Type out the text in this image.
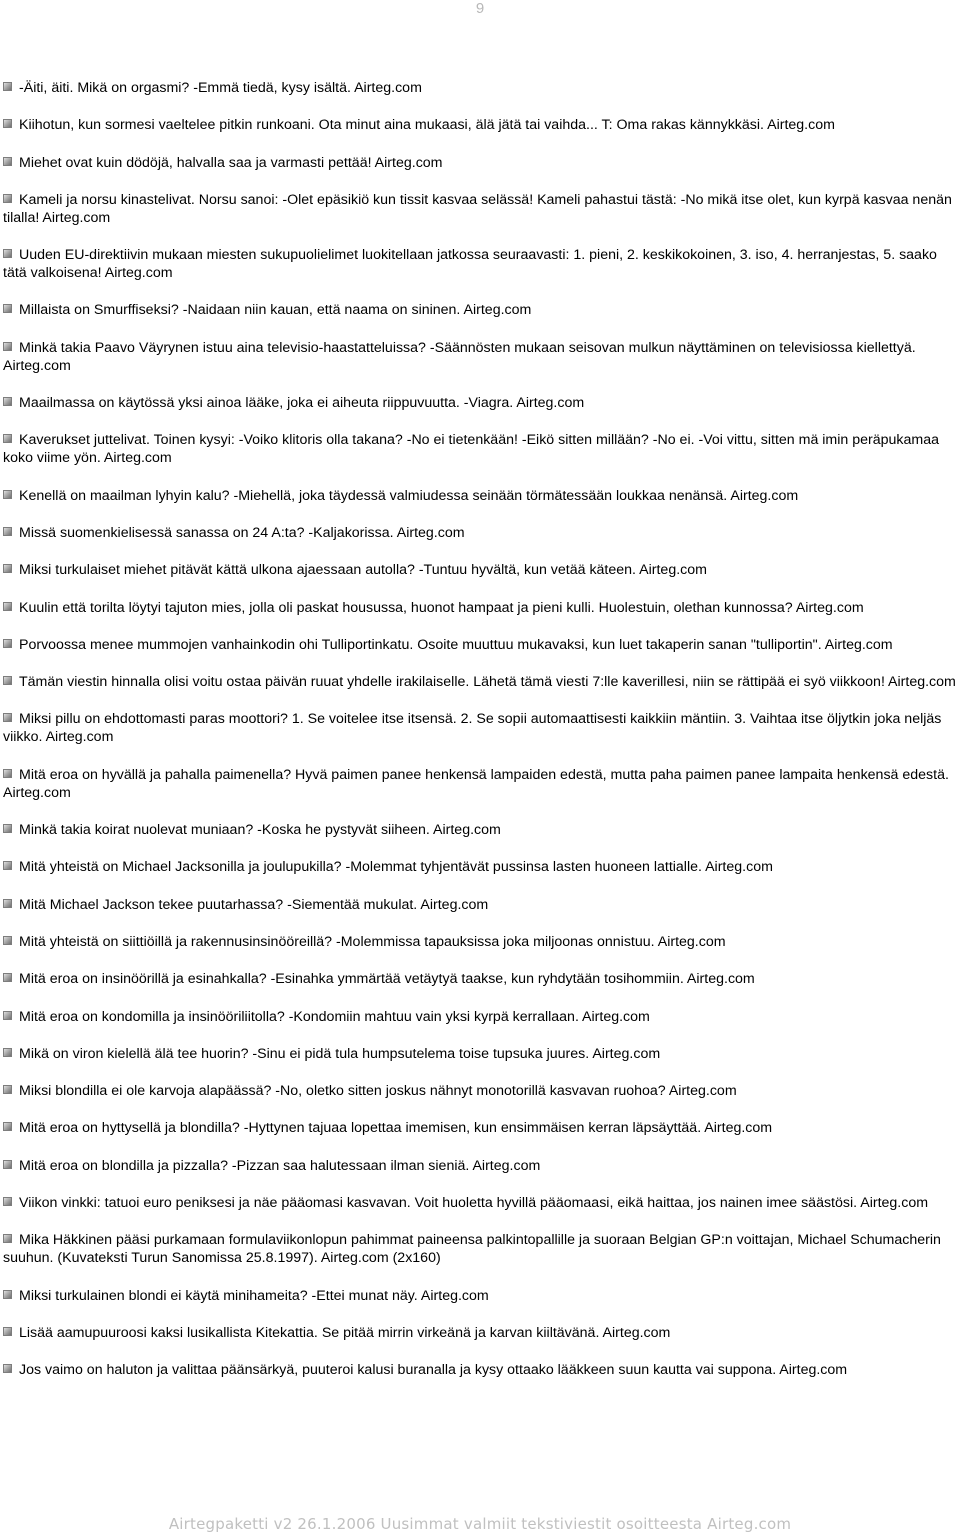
9

-Äiti, äiti. Mikä on orgasmi? -Emmä tiedä, kysy isältä. Airteg.com

Kiihotun, kun sormesi vaeltelee pitkin runkoani. Ota minut aina mukaasi, älä jätä tai vaihda... T: Oma rakas kännykkäsi. Airteg.com

Miehet ovat kuin dödöjä, halvalla saa ja varmasti pettää! Airteg.com

Kameli ja norsu kinastelivat. Norsu sanoi: -Olet epäsikiö kun tissit kasvaa selässä! Kameli pahastui tästä: -No mikä itse olet, kun kyrpä kasvaa nenän tilalla! Airteg.com

Uuden EU-direktiivin mukaan miesten sukupuolielimet luokitellaan jatkossa seuraavasti: 1. pieni, 2. keskikokoinen, 3. iso, 4. herranjestas, 5. saako tätä valkoisena! Airteg.com

Millaista on Smurffiseksi? -Naidaan niin kauan, että naama on sininen. Airteg.com

Minkä takia Paavo Väyrynen istuu aina televisio-haastatteluissa? -Säännösten mukaan seisovan mulkun näyttäminen on televisiossa kiellettyä. Airteg.com

Maailmassa on käytössä yksi ainoa lääke, joka ei aiheuta riippuvuutta. -Viagra. Airteg.com

Kaverukset juttelivat. Toinen kysyi: -Voiko klitoris olla takana? -No ei tietenkään! -Eikö sitten millään? -No ei. -Voi vittu, sitten mä imin peräpukamaa koko viime yön. Airteg.com

Kenellä on maailman lyhyin kalu? -Miehellä, joka täydessä valmiudessa seinään törmätessään loukkaa nenänsä. Airteg.com

Missä suomenkielisessä sanassa on 24 A:ta? -Kaljakorissa. Airteg.com

Miksi turkulaiset miehet pitävät kättä ulkona ajaessaan autolla? -Tuntuu hyvältä, kun vetää käteen. Airteg.com

Kuulin että torilta löytyi tajuton mies, jolla oli paskat housussa, huonot hampaat ja pieni kulli. Huolestuin, olethan kunnossa? Airteg.com

Porvoossa menee mummojen vanhainkodin ohi Tulliportinkatu. Osoite muuttuu mukavaksi, kun luet takaperin sanan "tulliportin". Airteg.com

Tämän viestin hinnalla olisi voitu ostaa päivän ruuat yhdelle irakilaiselle. Lähetä tämä viesti 7:lle kaverillesi, niin se rättipää ei syö viikkoon! Airteg.com

Miksi pillu on ehdottomasti paras moottori? 1. Se voitelee itse itsensä. 2. Se sopii automaattisesti kaikkiin mäntiin. 3. Vaihtaa itse öljytkin joka neljäs viikko. Airteg.com

Mitä eroa on hyvällä ja pahalla paimenella? Hyvä paimen panee henkensä lampaiden edestä, mutta paha paimen panee lampaita henkensä edestä. Airteg.com

Minkä takia koirat nuolevat muniaan? -Koska he pystyvät siiheen. Airteg.com

Mitä yhteistä on Michael Jacksonilla ja joulupukilla? -Molemmat tyhjentävät pussinsa lasten huoneen lattialle. Airteg.com

Mitä Michael Jackson tekee puutarhassa? -Siementää mukulat. Airteg.com

Mitä yhteistä on siittiöillä ja rakennusinsinööreillä? -Molemmissa tapauksissa joka miljoonas onnistuu. Airteg.com

Mitä eroa on insinöörillä ja esinahkalla? -Esinahka ymmärtää vetäytyä taakse, kun ryhdytään tosihommiin. Airteg.com

Mitä eroa on kondomilla ja insinööriliitolla? -Kondomiin mahtuu vain yksi kyrpä kerrallaan. Airteg.com

Mikä on viron kielellä älä tee huorin? -Sinu ei pidä tula humpsutelema toise tupsuka juures. Airteg.com

Miksi blondilla ei ole karvoja alapäässä? -No, oletko sitten joskus nähnyt monotorillä kasvavan ruohoa? Airteg.com

Mitä eroa on hyttysellä ja blondilla? -Hyttynen tajuaa lopettaa imemisen, kun ensimmäisen kerran läpsäyttää. Airteg.com

Mitä eroa on blondilla ja pizzalla? -Pizzan saa halutessaan ilman sieniä. Airteg.com

Viikon vinkki: tatuoi euro peniksesi ja näe pääomasi kasvavan. Voit huoletta hyvillä pääomaasi, eikä haittaa, jos nainen imee säästösi. Airteg.com

Mika Häkkinen pääsi purkamaan formulaviikonlopun pahimmat paineensa palkintopallille ja suoraan Belgian GP:n voittajan, Michael Schumacherin suuhun. (Kuvateksti Turun Sanomissa 25.8.1997). Airteg.com (2x160)

Miksi turkulainen blondi ei käytä minihameita? -Ettei munat näy. Airteg.com

Lisää aamupuuroosi kaksi lusikallista Kitekattia. Se pitää mirrin virkeänä ja karvan kiiltävänä. Airteg.com

Jos vaimo on haluton ja valittaa päänsärkyä, puuteroi kalusi buranalla ja kysy ottaako lääkkeen suun kautta vai suppona. Airteg.com

Airtegpaketti v2 26.1.2006 Uusimmat valmiit tekstiviestit osoitteesta Airteg.com
